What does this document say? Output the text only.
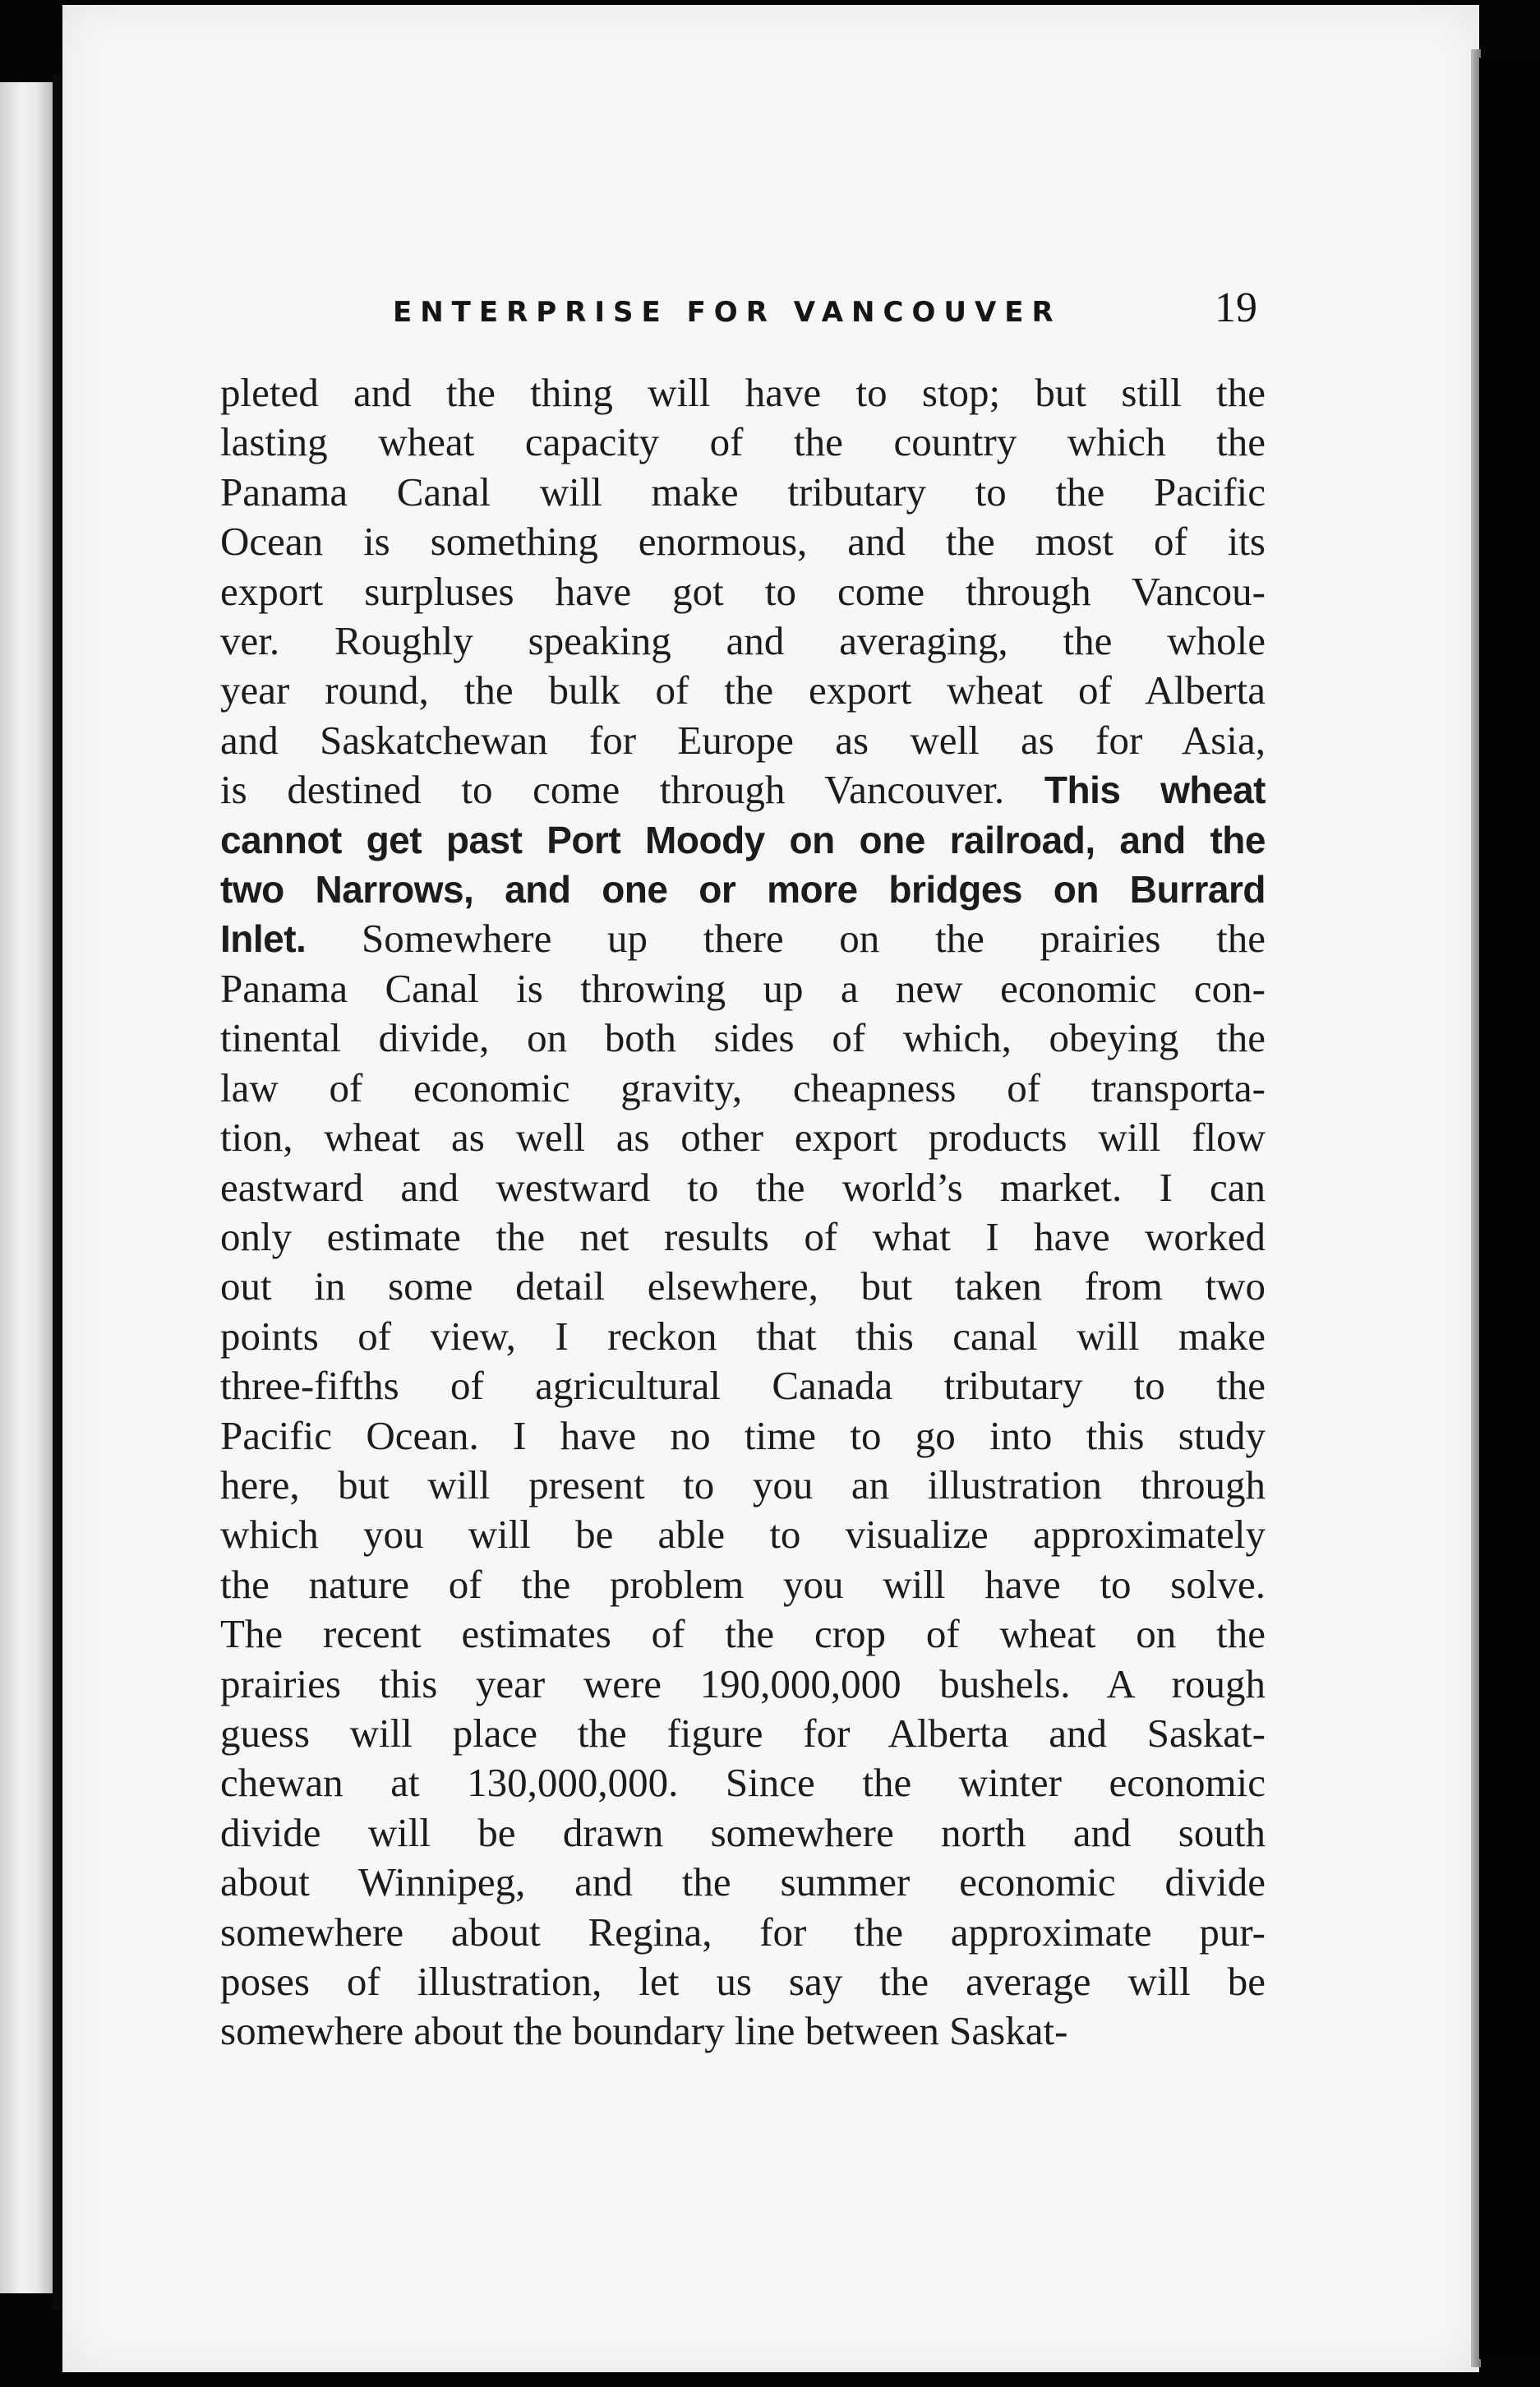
ENTERPRISE FOR VANCOUVER	19
pleted and the thing will have to stop; but still the
lasting wheat capacity of the country which the
Panama Canal will make tributary to the Pacific
Ocean is something enormous, and the most of its
export surpluses have got to come through Vancou-
ver. Roughly speaking and averaging, the whole
year round, the bulk of the export wheat of Alberta
and Saskatchewan for Europe as well as for Asia,
is destined to come through Vancouver. This wheat
cannot get past Port Moody on one railroad, and the
two Narrows, and one or more bridges on Burrard
Inlet. Somewhere up there on the prairies the
Panama Canal is throwing up a new economic con-
tinental divide, on both sides of which, obeying the
law of economic gravity, cheapness of transporta-
tion, wheat as well as other export products will flow
eastward and westward to the world’s market. I can
only estimate the net results of what I have worked
out in some detail elsewhere, but taken from two
points of view, I reckon that this canal will make
three-fifths of agricultural Canada tributary to the
Pacific Ocean. I have no time to go into this study
here, but will present to you an illustration through
which you will be able to visualize approximately
the nature of the problem you will have to solve.
The recent estimates of the crop of wheat on the
prairies this year were 190,000,000 bushels. A rough
guess will place the figure for Alberta and Saskat-
chewan at 130,000,000. Since the winter economic
divide will be drawn somewhere north and south
about Winnipeg, and the summer economic divide
somewhere about Regina, for the approximate pur-
poses of illustration, let us say the average will be
somewhere about the boundary line between Saskat-
